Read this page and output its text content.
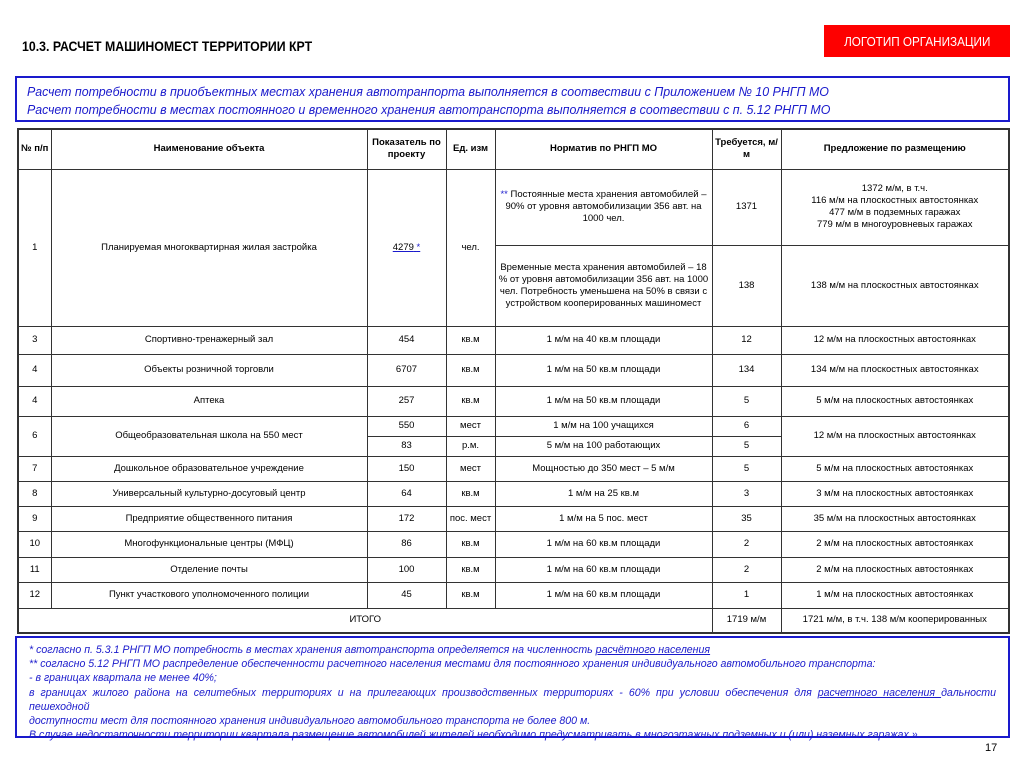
10.3. РАСЧЕТ МАШИНОМЕСТ ТЕРРИТОРИИ КРТ	ЛОГОТИП ОРГАНИЗАЦИИ
Расчет потребности в приобъектных местах хранения автотранпорта выполняется в соотвествии с Приложением № 10 РНГП МО
Расчет потребности в местах постоянного и временного хранения автотранспорта выполняется в соотвествии с п. 5.12 РНГП МО
№ п/п	Наименование объекта	Показатель по проекту	Ед. изм	Норматив по РНГП МО	Требуется, м/м	Предложение по размещению
1	Планируемая многоквартирная жилая застройка	4279 *	чел.	** Постоянные места хранения автомобилей – 90% от уровня автомобилизации 356 авт. на 1000 чел.	1371	1372 м/м, в т.ч.
116 м/м на плоскостных автостоянках
477 м/м в подземных гаражах
779 м/м в многоуровневых гаражах

				Временные места хранения автомобилей – 18 % от уровня автомобилизации 356 авт. на 1000 чел. Потребность уменьшена на 50% в связи с устройством кооперированных машиномест	138	138 м/м на плоскостных автостоянках
3	Спортивно-тренажерный зал	454	кв.м	1 м/м на 40 кв.м площади	12	12 м/м на плоскостных автостоянках
4	Объекты розничной торговли	6707	кв.м	1 м/м на 50 кв.м площади	134	134 м/м на плоскостных автостоянках
4	Аптека	257	кв.м	1 м/м на 50 кв.м площади	5	5 м/м на плоскостных автостоянках
6	Общеобразовательная школа на 550 мест	550	мест	1 м/м на 100 учащихся	6	12 м/м на плоскостных автостоянках
		83	р.м.	5 м/м на 100 работающих	5	
7	Дошкольное образовательное учреждение	150	мест	Мощностью до 350 мест – 5 м/м	5	5 м/м на плоскостных автостоянках
8	Универсальный культурно-досуговый центр	64	кв.м	1 м/м на 25 кв.м	3	3 м/м на плоскостных автостоянках
9	Предприятие общественного питания	172	пос. мест	1 м/м на 5 пос. мест	35	35 м/м на плоскостных автостоянках
10	Многофункциональные центры (МФЦ)	86	кв.м	1 м/м на 60 кв.м площади	2	2 м/м на плоскостных автостоянках
11	Отделение почты	100	кв.м	1 м/м на 60 кв.м площади	2	2 м/м на плоскостных автостоянках
12	Пункт участкового уполномоченного полиции	45	кв.м	1 м/м на 60 кв.м площади	1	1 м/м на плоскостных автостоянках
ИТОГО					1719 м/м	1721 м/м, в т.ч. 138 м/м кооперированных
* согласно п. 5.3.1 РНГП МО потребность в местах хранения автотранспорта определяется на численность расчётного населения
** согласно 5.12 РНГП МО распределение обеспеченности расчетного населения местами для постоянного хранения индивидуального автомобильного транспорта:
- в границах квартала не менее 40%;
в границах жилого района на селитебных территориях и на прилегающих производственных территориях - 60% при условии обеспечения для расчетного населения дальности пешеходной
доступности мест для постоянного хранения индивидуального автомобильного транспорта не более 800 м.
В случае недостаточности территории квартала размещение автомобилей жителей необходимо предусматривать в многоэтажных подземных и (или) наземных гаражах.»
17
